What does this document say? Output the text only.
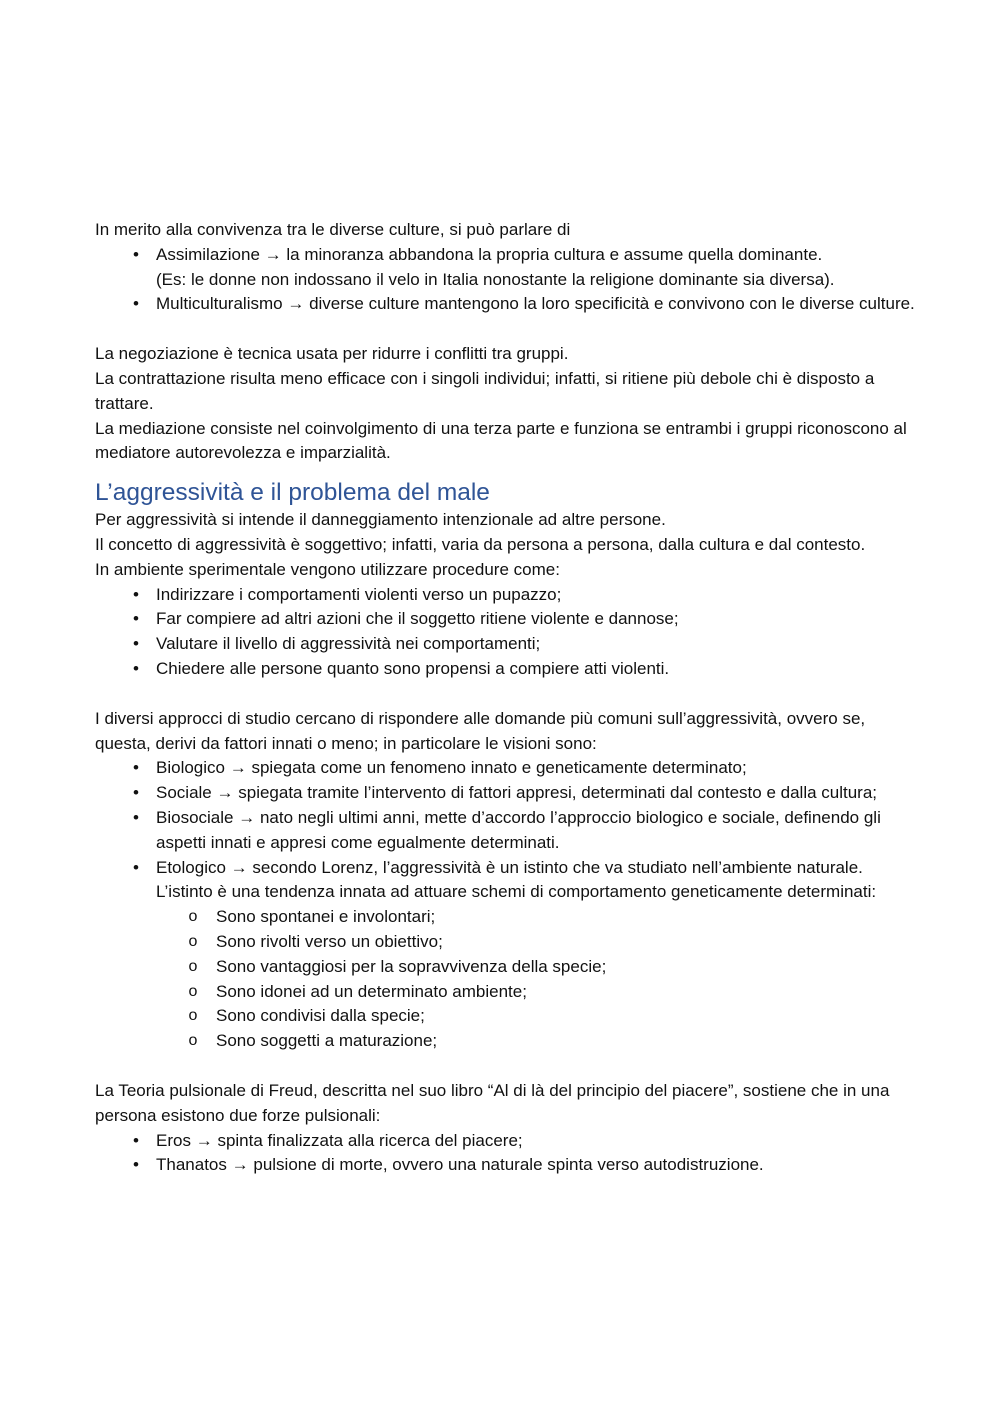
In merito alla convivenza tra le diverse culture, si può parlare di

•	Assimilazione → la minoranza abbandona la propria cultura e assume quella dominante.
(Es: le donne non indossano il velo in Italia nonostante la religione dominante sia diversa).
•	Multiculturalismo → diverse culture mantengono la loro specificità e convivono con le diverse culture.

La negoziazione è tecnica usata per ridurre i conflitti tra gruppi.

La contrattazione risulta meno efficace con i singoli individui; infatti, si ritiene più debole chi è disposto a trattare.

La mediazione consiste nel coinvolgimento di una terza parte e funziona se entrambi i gruppi riconoscono al mediatore autorevolezza e imparzialità.

L’aggressività e il problema del male

Per aggressività si intende il danneggiamento intenzionale ad altre persone.

Il concetto di aggressività è soggettivo; infatti, varia da persona a persona, dalla cultura e dal contesto.

In ambiente sperimentale vengono utilizzare procedure come:

•	Indirizzare i comportamenti violenti verso un pupazzo;
•	Far compiere ad altri azioni che il soggetto ritiene violente e dannose;
•	Valutare il livello di aggressività nei comportamenti;
•	Chiedere alle persone quanto sono propensi a compiere atti violenti.

I diversi approcci di studio cercano di rispondere alle domande più comuni sull’aggressività, ovvero se, questa, derivi da fattori innati o meno; in particolare le visioni sono:

•	Biologico → spiegata come un fenomeno innato e geneticamente determinato;
•	Sociale → spiegata tramite l’intervento di fattori appresi, determinati dal contesto e dalla cultura;
•	Biosociale → nato negli ultimi anni, mette d’accordo l’approccio biologico e sociale, definendo gli aspetti innati e appresi come egualmente determinati.
•	Etologico → secondo Lorenz, l’aggressività è un istinto che va studiato nell’ambiente naturale.
L’istinto è una tendenza innata ad attuare schemi di comportamento geneticamente determinati:
o Sono spontanei e involontari;
o Sono rivolti verso un obiettivo;
o Sono vantaggiosi per la sopravvivenza della specie;
o Sono idonei ad un determinato ambiente;
o Sono condivisi dalla specie;
o Sono soggetti a maturazione;

La Teoria pulsionale di Freud, descritta nel suo libro “Al di là del principio del piacere”, sostiene che in una persona esistono due forze pulsionali:

•	Eros → spinta finalizzata alla ricerca del piacere;
•	Thanatos → pulsione di morte, ovvero una naturale spinta verso autodistruzione.
